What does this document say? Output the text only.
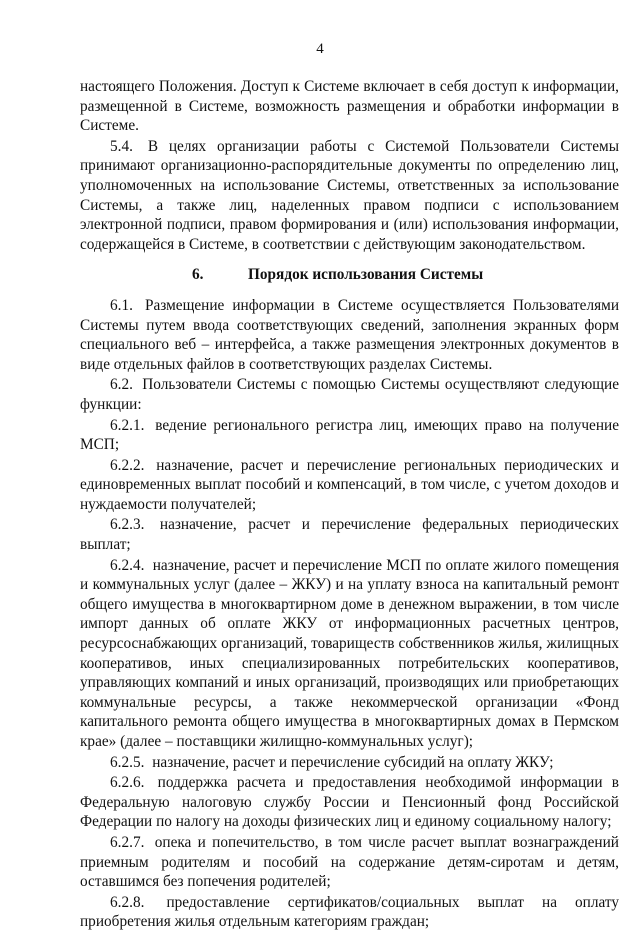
4

настоящего Положения. Доступ к Системе включает в себя доступ к информации, размещенной в Системе, возможность размещения и обработки информации в Системе.

5.4. В целях организации работы с Системой Пользователи Системы принимают организационно-распорядительные документы по определению лиц, уполномоченных на использование Системы, ответственных за использование Системы, а также лиц, наделенных правом подписи с использованием электронной подписи, правом формирования и (или) использования информации, содержащейся в Системе, в соответствии с действующим законодательством.

6.	Порядок использования Системы

6.1. Размещение информации в Системе осуществляется Пользователями Системы путем ввода соответствующих сведений, заполнения экранных форм специального веб – интерфейса, а также размещения электронных документов в виде отдельных файлов в соответствующих разделах Системы.

6.2. Пользователи Системы с помощью Системы осуществляют следующие функции:

6.2.1. ведение регионального регистра лиц, имеющих право на получение МСП;

6.2.2. назначение, расчет и перечисление региональных периодических и единовременных выплат пособий и компенсаций, в том числе, с учетом доходов и нуждаемости получателей;

6.2.3. назначение, расчет и перечисление федеральных периодических выплат;

6.2.4. назначение, расчет и перечисление МСП по оплате жилого помещения и коммунальных услуг (далее – ЖКУ) и на уплату взноса на капитальный ремонт общего имущества в многоквартирном доме в денежном выражении, в том числе импорт данных об оплате ЖКУ от информационных расчетных центров, ресурсоснабжающих организаций, товариществ собственников жилья, жилищных кооперативов, иных специализированных потребительских кооперативов, управляющих компаний и иных организаций, производящих или приобретающих коммунальные ресурсы, а также некоммерческой организации «Фонд капитального ремонта общего имущества в многоквартирных домах в Пермском крае» (далее – поставщики жилищно-коммунальных услуг);

6.2.5. назначение, расчет и перечисление субсидий на оплату ЖКУ;

6.2.6. поддержка расчета и предоставления необходимой информации в Федеральную налоговую службу России и Пенсионный фонд Российской Федерации по налогу на доходы физических лиц и единому социальному налогу;

6.2.7. опека и попечительство, в том числе расчет выплат вознаграждений приемным родителям и пособий на содержание детям-сиротам и детям, оставшимся без попечения родителей;

6.2.8. предоставление сертификатов/социальных выплат на оплату приобретения жилья отдельным категориям граждан;
